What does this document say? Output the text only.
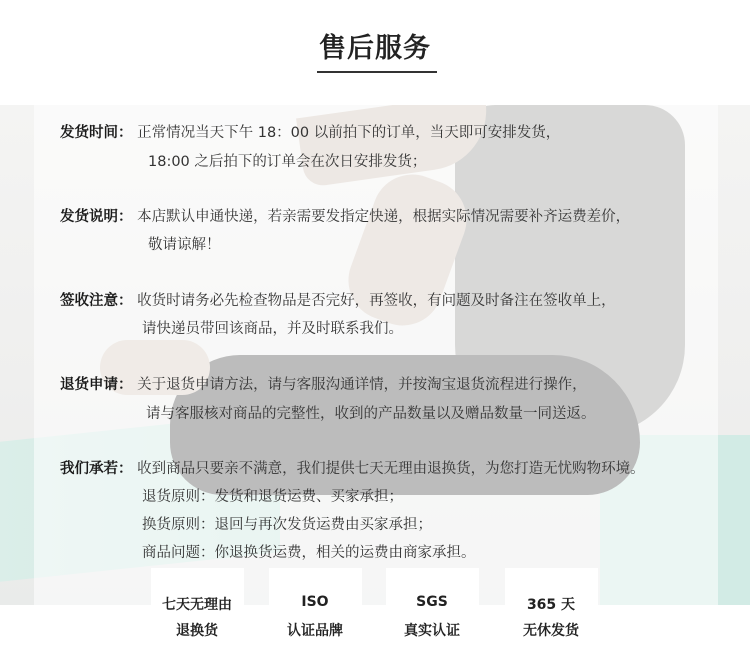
售后服务
发货时间： 正常情况当天下午 18：00 以前拍下的订单，当天即可安排发货，
18:00 之后拍下的订单会在次日安排发货；
发货说明： 本店默认申通快递，若亲需要发指定快递，根据实际情况需要补齐运费差价，
敬请谅解！
签收注意： 收货时请务必先检查物品是否完好，再签收，有问题及时备注在签收单上，
请快递员带回该商品，并及时联系我们。
退货申请： 关于退货申请方法，请与客服沟通详情，并按淘宝退货流程进行操作，
请与客服核对商品的完整性，收到的产品数量以及赠品数量一同送返。
我们承若： 收到商品只要亲不满意，我们提供七天无理由退换货，为您打造无忧购物环境。
退货原则：发货和退货运费、买家承担；
换货原则：退回与再次发货运费由买家承担；
商品问题：你退换货运费，相关的运费由商家承担。
七天无理由
退换货
ISO
认证品牌
SGS
真实认证
365 天
无休发货
